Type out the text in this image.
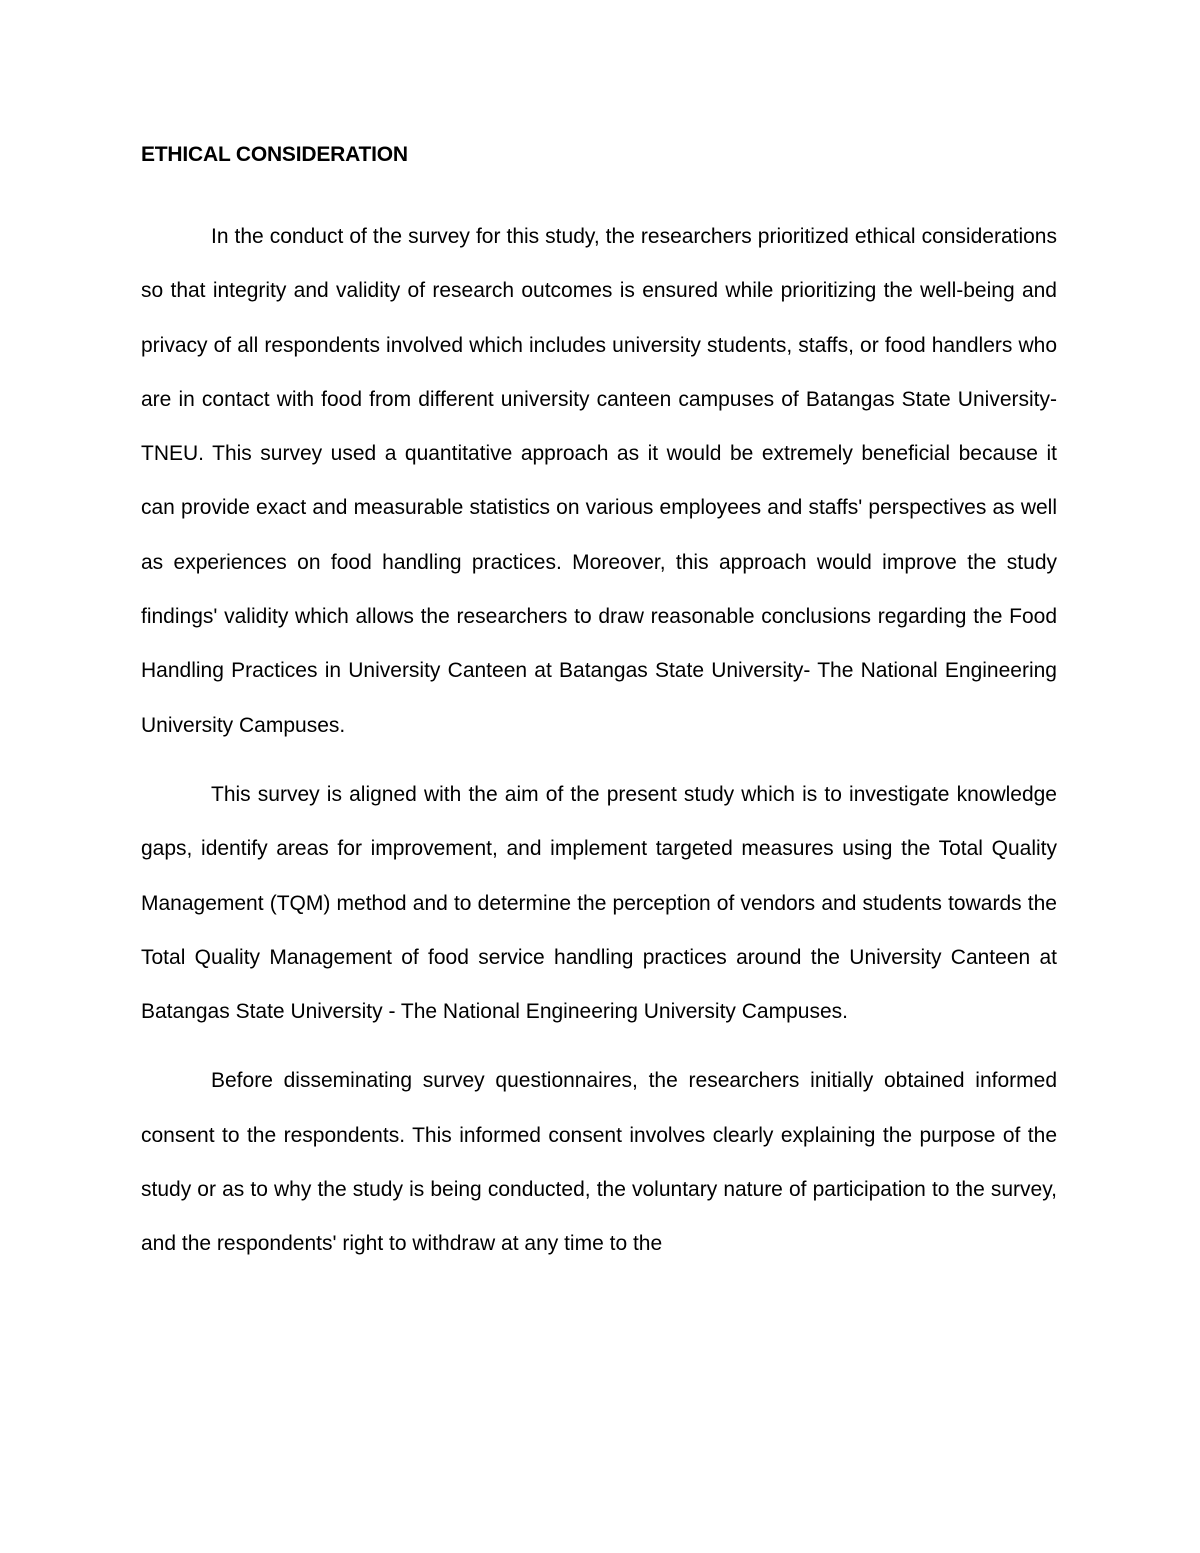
ETHICAL CONSIDERATION

In the conduct of the survey for this study, the researchers prioritized ethical considerations so that integrity and validity of research outcomes is ensured while prioritizing the well-being and privacy of all respondents involved which includes university students, staffs, or food handlers who are in contact with food from different university canteen campuses of Batangas State University-TNEU. This survey used a quantitative approach as it would be extremely beneficial because it can provide exact and measurable statistics on various employees and staffs' perspectives as well as experiences on food handling practices. Moreover, this approach would improve the study findings' validity which allows the researchers to draw reasonable conclusions regarding the Food Handling Practices in University Canteen at Batangas State University- The National Engineering University Campuses.

This survey is aligned with the aim of the present study which is to investigate knowledge gaps, identify areas for improvement, and implement targeted measures using the Total Quality Management (TQM) method and to determine the perception of vendors and students towards the Total Quality Management of food service handling practices around the University Canteen at Batangas State University - The National Engineering University Campuses.

Before disseminating survey questionnaires, the researchers initially obtained informed consent to the respondents. This informed consent involves clearly explaining the purpose of the study or as to why the study is being conducted, the voluntary nature of participation to the survey, and the respondents' right to withdraw at any time to the
